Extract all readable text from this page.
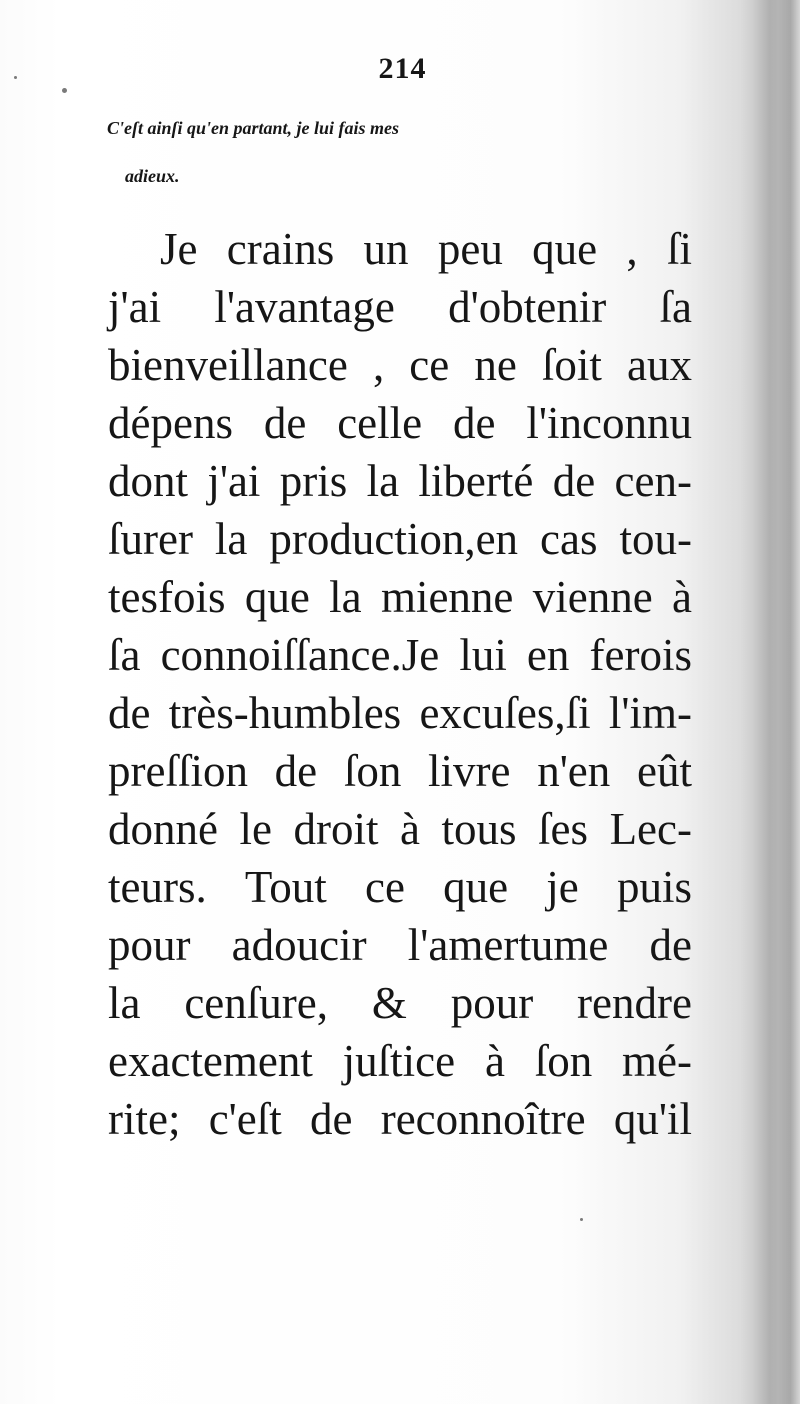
214
C'eſt ainſi qu'en partant, je lui fais mes
adieux.
Je crains un peu que , ſi
j'ai l'avantage d'obtenir ſa
bienveillance , ce ne ſoit aux
dépens de celle de l'inconnu
dont j'ai pris la liberté de cen-
ſurer la production,en cas tou-
tesfois que la mienne vienne à
ſa connoiſſance.Je lui en ferois
de très-humbles excuſes,ſi l'im-
preſſion de ſon livre n'en eût
donné le droit à tous ſes Lec-
teurs. Tout ce que je puis
pour adoucir l'amertume de
la cenſure, & pour rendre
exactement juſtice à ſon mé-
rite; c'eſt de reconnoître qu'il
